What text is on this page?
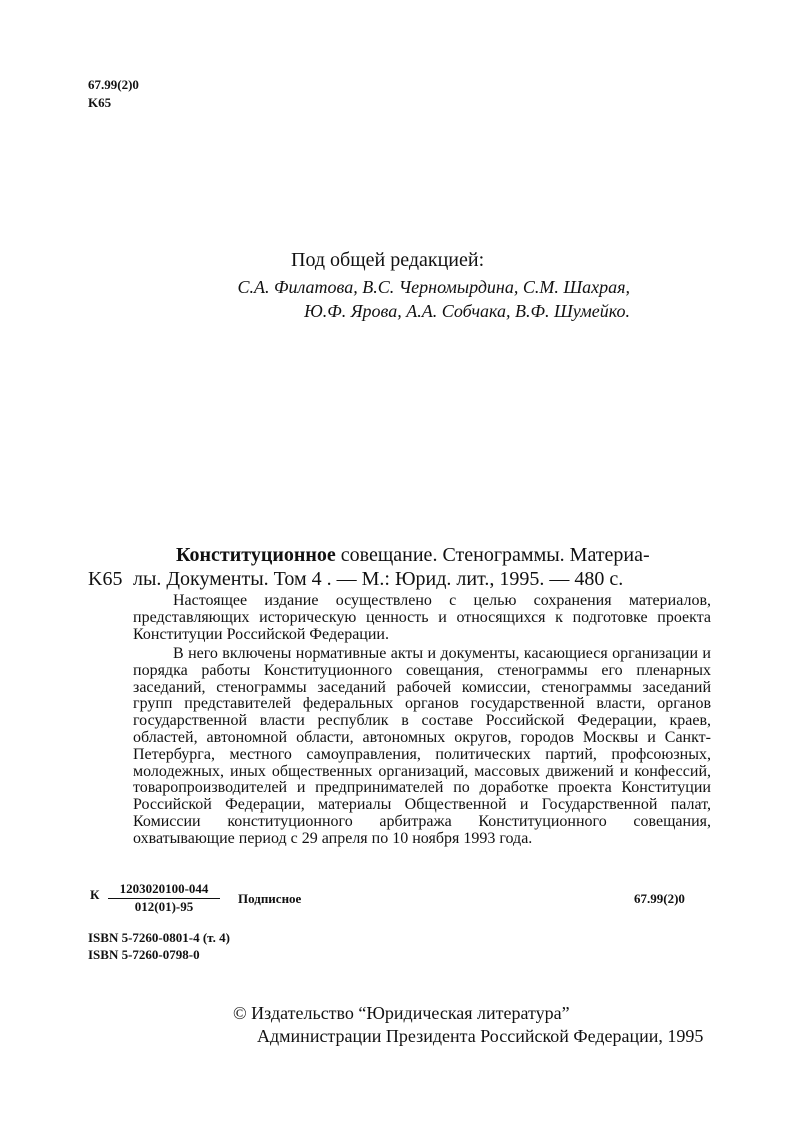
67.99(2)0
K65
Под общей редакцией:
С.А. Филатова, В.С. Черномырдина, С.М. Шахрая,
Ю.Ф. Ярова, А.А. Собчака, В.Ф. Шумейко.
Конституционное совещание. Стенограммы. Материа-
K65 лы. Документы. Том 4 . — М.: Юрид. лит., 1995. — 480 с.
Настоящее издание осуществлено с целью сохранения материалов, представляющих историческую ценность и относящихся к подготовке проекта Конституции Российской Федерации.
В него включены нормативные акты и документы, касающиеся организации и порядка работы Конституционного совещания, стенограммы его пленарных заседаний, стенограммы заседаний рабочей комиссии, стенограммы заседаний групп представителей федеральных органов государственной власти, органов государственной власти республик в составе Российской Федерации, краев, областей, автономной области, автономных округов, городов Москвы и Санкт-Петербурга, местного самоуправления, политических партий, профсоюзных, молодежных, иных общественных организаций, массовых движений и конфессий, товаропроизводителей и предпринимателей по доработке проекта Конституции Российской Федерации, материалы Общественной и Государственной палат, Комиссии конституционного арбитража Конституционного совещания, охватывающие период с 29 апреля по 10 ноября 1993 года.
К $\frac{1203020100-044}{012(01)-95}$ Подписное	67.99(2)0
ISBN 5-7260-0801-4 (т. 4)
ISBN 5-7260-0798-0
© Издательство “Юридическая литература”
Администрации Президента Российской Федерации, 1995
